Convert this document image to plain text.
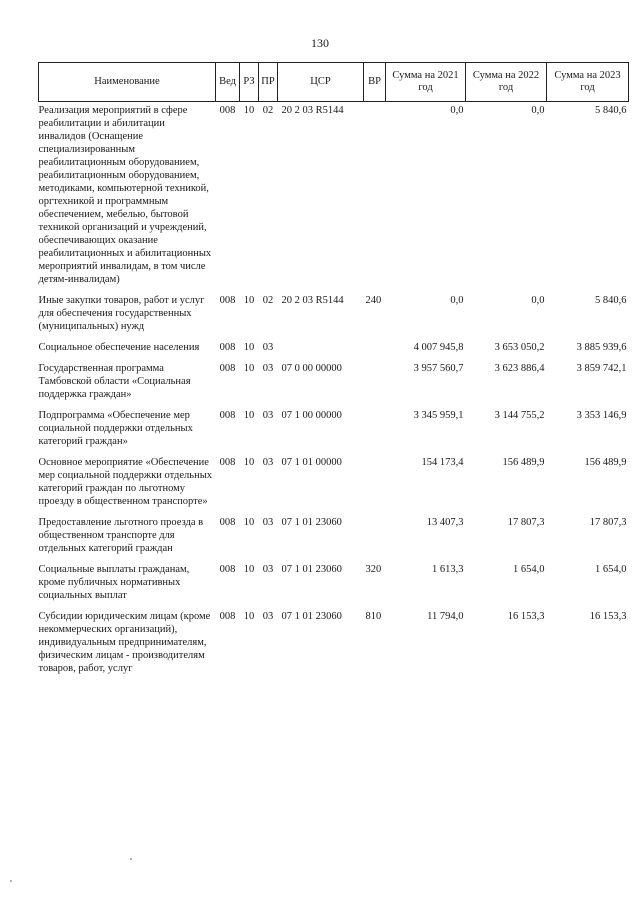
130
Наименование	Вед	РЗ	ПР	ЦСР	ВР	Сумма на 2021 год	Сумма на 2022 год	Сумма на 2023 год
Реализация мероприятий в сфере реабилитации и абилитации инвалидов (Оснащение специализированным реабилитационным оборудованием, реабилитационным оборудованием, методиками, компьютерной техникой, оргтехникой и программным обеспечением, мебелью, бытовой техникой организаций и учреждений, обеспечивающих оказание реабилитационных и абилитационных мероприятий инвалидам, в том числе детям-инвалидам)	008	10	02	20 2 03 R5144		0,0	0,0	5 840,6
Иные закупки товаров, работ и услуг для обеспечения государственных (муниципальных) нужд	008	10	02	20 2 03 R5144	240	0,0	0,0	5 840,6
Социальное обеспечение населения	008	10	03			4 007 945,8	3 653 050,2	3 885 939,6
Государственная программа Тамбовской области «Социальная поддержка граждан»	008	10	03	07 0 00 00000		3 957 560,7	3 623 886,4	3 859 742,1
Подпрограмма «Обеспечение мер социальной поддержки отдельных категорий граждан»	008	10	03	07 1 00 00000		3 345 959,1	3 144 755,2	3 353 146,9
Основное мероприятие «Обеспечение мер социальной поддержки отдельных категорий граждан по льготному проезду в общественном транспорте»	008	10	03	07 1 01 00000		154 173,4	156 489,9	156 489,9
Предоставление льготного проезда в общественном транспорте для отдельных категорий граждан	008	10	03	07 1 01 23060		13 407,3	17 807,3	17 807,3
Социальные выплаты гражданам, кроме публичных нормативных социальных выплат	008	10	03	07 1 01 23060	320	1 613,3	1 654,0	1 654,0
Субсидии юридическим лицам (кроме некоммерческих организаций), индивидуальным предпринимателям, физическим лицам - производителям товаров, работ, услуг	008	10	03	07 1 01 23060	810	11 794,0	16 153,3	16 153,3
